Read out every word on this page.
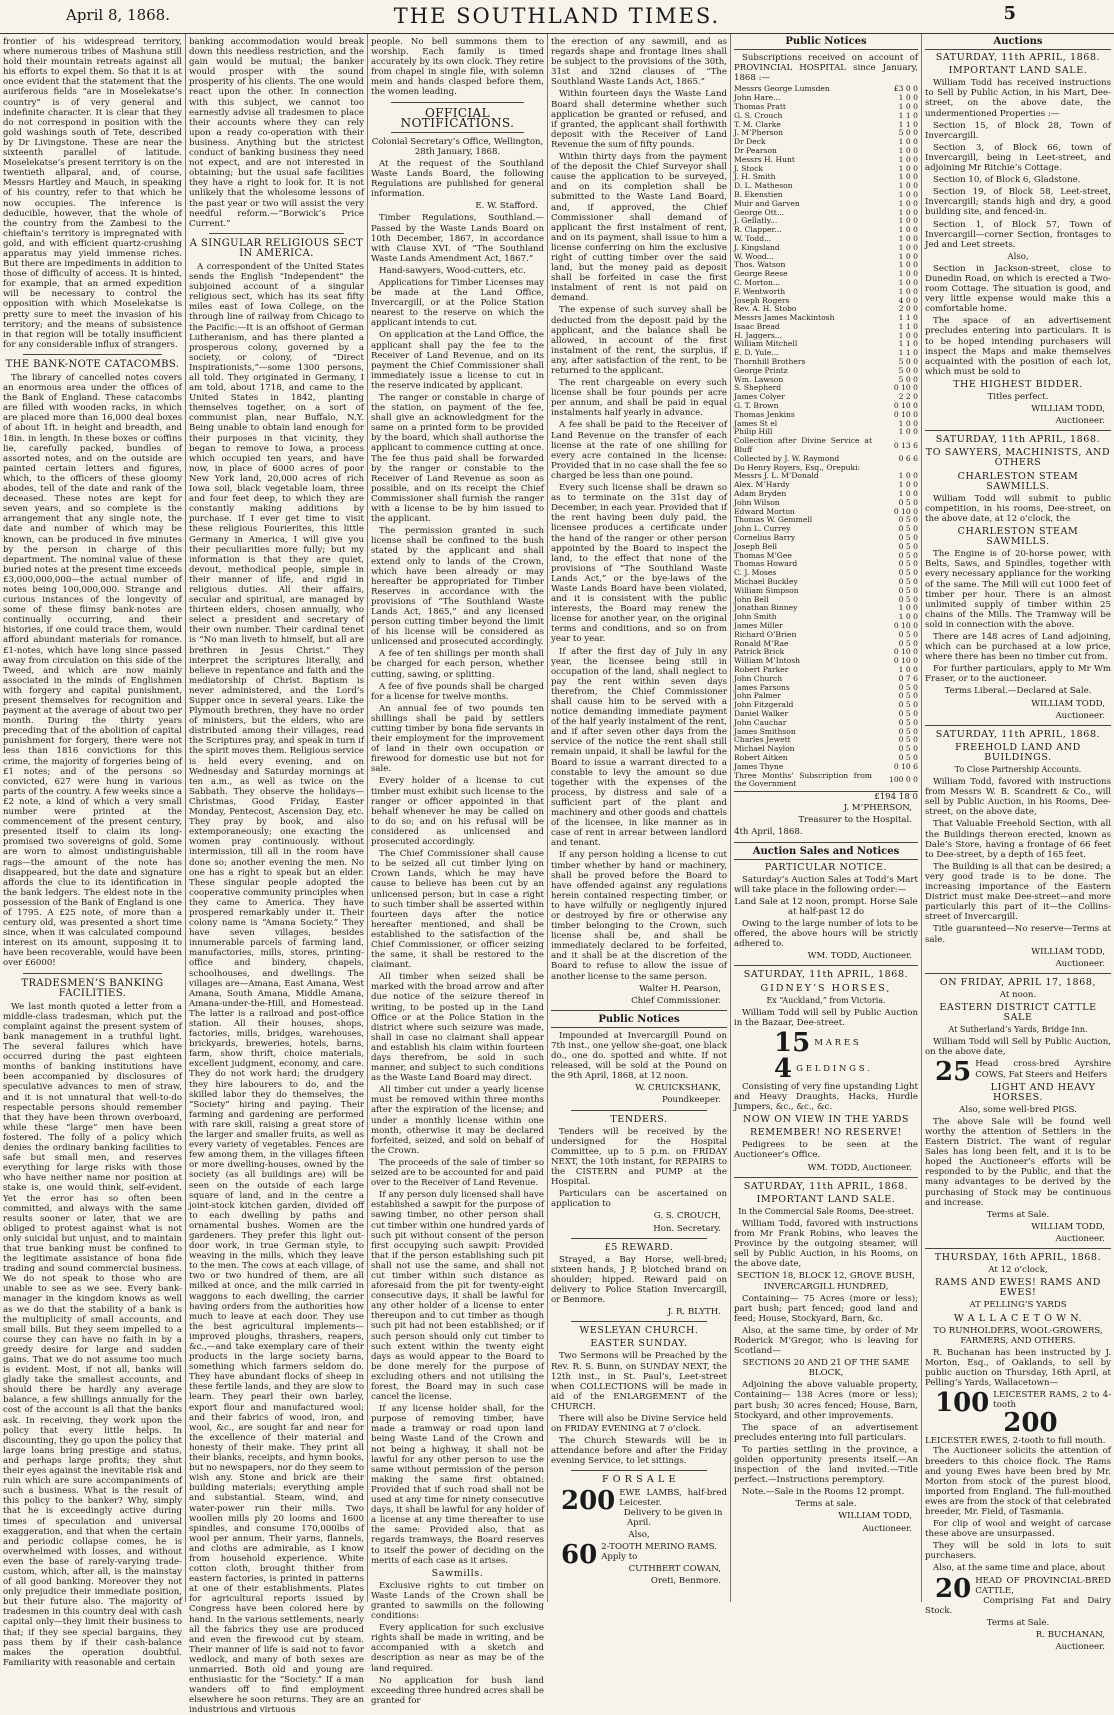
April 8, 1868.	THE SOUTHLAND TIMES.	5

frontier of his widespread territory, where numerous tribes of Mashuna still hold their mountain retreats against all his efforts to expel them. So that it is at once evident that the statement that the auriferous fields “are in Moselekatse’s country” is of very general and indefinite character. It is clear that they do not correspond in position with the gold washings south of Tete, described by Dr Livingstone. These are near the sixteenth parallel of latitude. Moselekatse’s present territory is on the twentieth allparal, and, of course, Messrs Hartley and Mauch, in speaking of his country, refer to that which he now occupies. The inference is deducible, however, that the whole of the country from the Zambesi to the chieftain’s territory is impregnated with gold, and with efficient quartz-crushing apparatus may yield immense riches. But there are impediments in addition to those of difficulty of access. It is hinted, for example, that an armed expedition will be necessary to control the opposition with which Moselekatse is pretty sure to meet the invasion of his territory; and the means of subsistence in that region will be totally insufficient for any considerable influx of strangers.

THE BANK-NOTE CATACOMBS.

The library of cancelled notes covers an enormous area under the offices of the Bank of England. These catacombs are filled with wooden racks, in which are placed more than 16,000 deal boxes of about 1ft. in height and breadth, and 18in. in length. In these boxes or coffins lie, carefully packed, bundles of assorted notes, and on the outside are painted certain letters and figures, which, to the officers of these gloomy abodes, tell of the date and rank of the deceased. These notes are kept for seven years, and so complete is the arrangement that any single note, the date and number of which may be known, can be produced in five minutes by the person in charge of this department. The nominal value of these buried notes at the present time exceeds £3,000,000,000—the actual number of notes being 100,000,000. Strange and curious instances of the longevity of some of these flimsy bank-notes are continually occurring, and their histories, if one could trace them, would afford abundant materials for romance. £1-notes, which have long since passed away from circulation on this side of the Tweed, and which are now mainly associated in the minds of Englishmen with forgery and capital punishment, present themselves for recognition and payment at the average of about two per month. During the thirty years preceding that of the abolition of capital punishment for forgery, there were not less than 1816 convictions for this crime, the majority of forgeries being of £1 notes; and of the persons so convicted, 627 were hung in various parts of the country. A few weeks since a £2 note, a kind of which a very small number were printed at the commencement of the present century, presented itself to claim its long-promised two sovereigns of gold. Some are worn to almost undistinguishable rags—the amount of the note has disappeared, but the date and signature affords the clue to its identification in the bank ledgers. The eldest note in the possession of the Bank of England is one of 1795. A £25 note, of more than a century old, was presented a short time since, when it was calculated compound interest on its amount, supposing it to have been recoverable, would have been over £6000!

TRADESMEN’S BANKING FACILITIES.

We last month quoted a letter from a middle-class tradesman, which put the complaint against the present system of bank management in a truthful light. The several failures which have occurred during the past eighteen months of banking institutions have been accompanied by disclosures of speculative advances to men of straw, and it is not unnatural that well-to-do respectable persons should remember that they have been thrown overboard, while these “large” men have been fostered. The folly of a policy which denies the ordinary banking facilities to safe but small men, and reserves everything for large risks with those who have neither name nor position at stake is, one would think, self-evident. Yet the error has so often been committed, and always with the same results sooner or later, that we are obliged to protest against what is not only suicidal but unjust, and to maintain that true banking must be confined to the legitimate assistance of bona fide trading and sound commercial business. We do not speak to those who are unable to see as we see. Every bank-manager in the kingdom knows as well as we do that the stability of a bank is the multiplicity of small accounts, and small bills. But they seem impelled to a course they can have no faith in by a greedy desire for large and sudden gains. That we do not assume too much is evident. Most, if not all, banks will gladly take the smallest accounts, and should there be hardly any average balance, a few shillings annually for the cost of the account is all that the banks ask. In receiving, they work upon the policy that every little helps. In discounting, they go upon the policy that large loans bring prestige and status, and perhaps large profits; they shut their eyes against the inevitable risk and ruin which are sure accompaniments of such a business. What is the result of this policy to the banker? Why, simply that he is exceedingly active during times of speculation and universal exaggeration, and that when the certain and periodic collapse comes, he is overwhelmed with losses, and without even the base of rarely-varying trade-custom, which, after all, is the mainstay of all good banking. Moreover they not only prejudice their immediate position, but their future also. The majority of tradesmen in this country deal with cash capital only—they limit their business to that; if they see special bargains, they pass them by if their cash-balance makes the operation doubtful. Familiarity with reasonable and certain

banking accommodation would break down this needless restriction, and the gain would be mutual; the banker would prosper with the sound prosperity of his clients. The one would react upon the other. In connection with this subject, we cannot too earnestly advise all tradesmen to place their accounts where they can rely upon a ready co-operation with their business. Anything but the strictest conduct of banking business they need not expect, and are not interested in obtaining; but the usual safe facilities they have a right to look for. It is not unlikely that the wholesome lessons of the past year or two will assist the very needful reform.—“Borwick’s Price Current.”

A SINGULAR RELIGIOUS SECT IN AMERICA.

A correspondent of the United States sends the English “Independent” the subjoined account of a singular religious sect, which has its seat fifty miles east of Iowa College, on the through line of railway from Chicago to the Pacific:—It is an offshoot of German Lutheranism, and has there planted a prosperous colony, governed by a society, or colony, of “Direct Inspirationists,”—some 1300 persons, all told. They originated in Germany, I am told, about 1718, and came to the United States in 1842, planting themselves together, on a sort of communist plan, near Buffalo, N.Y. Being unable to obtain land enough for their purposes in that vicinity, they began to remove to Iowa, a process which occupied ten years, and have now, in place of 6000 acres of poor New York land, 20,000 acres of rich Iowa soil, black vegetable loam, three and four feet deep, to which they are constantly making additions by purchase. If I ever get time to visit these religious Fourierites, this little Germany in America, I will give you their peculiarities more fully; but my information is that they are quiet, devout, methodical people, simple in their manner of life, and rigid in religious duties. All their affairs, secular and spiritual, are managed by thirteen elders, chosen annually, who select a president and secretary of their own number. Their cardinal tenet is “No man liveth to himself, but all are brethren in Jesus Christ.” They interpret the scriptures literally, and believe in repentance and faith and the mediatorship of Christ. Baptism is never administered, and the Lord’s Supper once in several years. Like the Plymouth brethren, they have no order of ministers, but the elders, who are distributed among their villages, read the Scriptures pray, and speak in turn if the spirit moves them. Religious service is held every evening, and on Wednesday and Saturday mornings at ten a.m., as well as twice on the Sabbath. They observe the holidays—Christmas, Good Friday, Easter Monday, Pentecost, Ascension Day, etc. They pray by book, and also extemporaneously; one exacting the women pray continuously. without intermission, till all in the room have done so; another evening the men. No one has a right to speak but an elder. These singular people adopted the cooperative community principles when they came to America. They have prospered remarkably under it. Their colony name is “Amana Society.” They have seven villages, besides innumerable parcels of farming land, manufactories, mills, stores, printing-office and bindery, chapels, schoolhouses, and dwellings. The villages are—Amana, East Amana, West Amana, South Amana, Middle Amana, Amana-under-the-Hill, and Homestead. The latter is a railroad and post-office station. All their houses, shops, factories, mills, bridges, warehouses, brickyards, breweries, hotels, barns, farm, show thrift, choice materials, excellent judgment, economy, and care. They do not work hard; the drudgery they hire labourers to do, and the skilled labor they do themselves, the “Society” hiring and paying. Their farming and gardening are performed with rare skill, raising a great store of the larger and smaller fruits, as well as every variety of vegetables. Fences are few among them, in the villages fifteen or more dwelling-houses, owned by the society (as all buildings are) will be seen on the outside of each large square of land, and in the centre a joint-stock kitchen garden, divided off to each dwelling by paths and ornamental bushes. Women are the gardeners. They prefer this light out-door work, in true German style, to weaving in the mills, which they leave to the men. The cows at each village, of two or two hundred of them, are all milked at once, and the milk carried in waggons to each dwelling, the carrier having orders from the authorities how much to leave at each door. They use the best agricultural implements—improved ploughs, thrashers, reapers, &c.,—and take exemplary care of their products in the large society barns, something which farmers seldom do. They have abundant flocks of sheep in these fertile lands, and they are slow to learn. They pearl their own barley, export flour and manufactured wool; and their fabrics of wood, iron, and wool, &c., are sought far and near for the excellence of their material and honesty of their make. They print all their blanks, receipts, and hymn books, but no newspapers, nor do they seem to wish any. Stone and brick are their building materials; everything ample and substantial. Steam, wind, and water-power run their mills. Two woollen mills ply 20 looms and 1600 spindles, and consume 170,000lbs of wool per annum. Their yarns, flannels, and cloths are admirable, as I know from household experience. White cotton cloth, brought thither from eastern factories, is printed in patterns at one of their establishments. Plates for agricultural reports issued by Congress have been colored here by hand. In the various settlements, nearly all the fabrics they use are produced and even the firewood cut by steam. Their manner of life is said not to favor wedlock, and many of both sexes are unmarried. Both old and young are enthusiastic for the “Society.” If a man wanders off to find employment elsewhere he soon returns. They are an industrious and virtuous

people. No bell summons them to worship. Each family is timed accurately by its own clock. They retire from chapel in single file, with solemn mein and hands clasped before them, the women leading.

OFFICIAL NOTIFICATIONS.

Colonial Secretary’s Office, Wellington, 28th January, 1868.

At the request of the Southland Waste Lands Board, the following Regulations are published for general information.

E. W. Stafford.

Timber Regulations, Southland.—Passed by the Waste Lands Board on 10th December, 1867, in accordance with Clause XVI. of “The Southland Waste Lands Amendment Act, 1867.”

Hand-sawyers, Wood-cutters, etc.

Applications for Timber Licenses may be made at the Land Office, Invercargill, or at the Police Station nearest to the reserve on which the applicant intends to cut.

On application at the Land Office, the applicant shall pay the fee to the Receiver of Land Revenue, and on its payment the Chief Commissioner shall immediately issue a license to cut in the reserve indicated by applicant.

The ranger or constable in charge of the station, on payment of the fee, shall give an acknowledgment for the same on a printed form to be provided by the board, which shall authorise the applicant to commence cutting at once. The fee thus paid shall be forwarded by the ranger or constable to the Receiver of Land Revenue as soon as possible, and on its receipt the Chief Commissioner shall furnish the ranger with a license to be by him issued to the applicant.

The permission granted in such license shall be confined to the bush stated by the applicant and shall extend only to lands of the Crown, which have been already or may hereafter be appropriated for Timber Reserves in accordance with the provisions of “The Southland Waste Lands Act, 1865,” and any licensed person cutting timber beyond the limit of his license will be considered as unlicensed and prosecuted accordingly.

A fee of ten shillings per month shall be charged for each person, whether cutting, sawing, or splitting.

A fee of five pounds shall be charged for a license for twelve months.

An annual fee of two pounds ten shillings shall be paid by settlers cutting timber by bona fide servants in their employment for the improvement of land in their own occupation or firewood for domestic use but not for sale.

Every holder of a license to cut timber must exhibit such license to the ranger or officer appointed in that behalf whenever he may be called on to do so; and on his refusal will be considered as unlicensed and prosecuted accordingly.

The Chief Commissioner shall cause to be seized all cut timber lying on Crown Lands, which he may have cause to believe has been cut by an unlicensed person; but in case a right to such timber shall be asserted within fourteen days after the notice hereafter mentioned, and shall be established to the satisfaction of the Chief Commissioner, or officer seizing the same, it shall be restored to the claimant.

All timber when seized shall be marked with the broad arrow and after due notice of the seizure thereof in writing, to be posted up in the Land Office or at the Police Station in the district where such seizure was made, shall in case no claimant shall appear and establish his claim within fourteen days therefrom, be sold in such manner, and subject to such conditions as the Waste Land Board may direct.

All timber cut under a yearly license must be removed within three months after the expiration of the license; and under a monthly license within one month, otherwise it may be declared forfeited, seized, and sold on behalf of the Crown.

The proceeds of the sale of timber so seized are to be accounted for and paid over to the Receiver of Land Revenue.

If any person duly licensed shall have established a sawpit for the purpose of sawing timber, no other person shall cut timber within one hundred yards of such pit without consent of the person first occupying such sawpit: Provided that if the person establishing such pit shall not use the same, and shall not cut timber within such distance as aforesaid from the pit for twenty-eight consecutive days, it shall be lawful for any other holder of a license to enter thereupon and to cut timber as though such pit had not been established; or if such person should only cut timber to such extent within the twenty eight days as would appear to the Board to be done merely for the purpose of excluding others and not utilising the forest, the Board may in such case cancel the license.

If any license holder shall, for the purpose of removing timber, have made a tramway or road upon land being Waste Land of the Crown and not being a highway, it shall not be lawful for any other person to use the same without permission of the person making the same first obtained: Provided that if such road shall not be used at any time for ninety consecutive days, it shall be lawful for any holder of a license at any time thereafter to use the same: Provided also, that as regards tramways, the Board reserves to itself the power of deciding on the merits of each case as it arises.

Sawmills.

Exclusive rights to cut timber on Waste Lands of the Crown shall be granted to sawmills on the following conditions:

Every application for such exclusive rights shall be made in writing, and be accompanied with a sketch and description as near as may be of the land required.

No application for bush land exceeding three hundred acres shall be granted for

the erection of any sawmill, and as regards shape and frontage lines shall be subject to the provisions of the 30th, 31st and 32nd clauses of “The Southland Waste Lands Act, 1865.”

Within fourteen days the Waste Land Board shall determine whether such application be granted or refused, and if granted, the applicant shall forthwith deposit with the Receiver of Land Revenue the sum of fifty pounds.

Within thirty days from the payment of the deposit the Chief Surveyor shall cause the application to be surveyed, and on its completion shall be submitted to the Waste Land Board, and, if approved, the Chief Commissioner shall demand of applicant the first instalment of rent, and on its payment, shall issue to him a license conferring on him the exclusive right of cutting timber over the said land, but the money paid as deposit shall be forfeited in case the first instalment of rent is not paid on demand.

The expense of such survey shall be deducted from the deposit paid by the applicant, and the balance shall be allowed, in account of the first instalment of the rent, the surplus, if any, after satisfaction of the rent, to be returned to the applicant.

The rent chargeable on every such license shall be four pounds per acre per annum, and shall be paid in equal instalments half yearly in advance.

A fee shall be paid to the Receiver of Land Revenue on the transfer of each license at the rate of one shilling for every acre contained in the license: Provided that in no case shall the fee so charged be less than one pound.

Every such license shall be drawn so as to terminate on the 31st day of December, in each year. Provided that if the rent having been duly paid, the licensee produces a certificate under the hand of the ranger or other person appointed by the Board to inspect the land, to the effect that none of the provisions of “The Southland Waste Lands Act,” or the bye-laws of the Waste Lands Board have been violated, and it is consistent with the public interests, the Board may renew the license for another year, on the original terms and conditions, and so on from year to year.

If after the first day of July in any year, the licensee being still in occupation of the land, shall neglect to pay the rent within seven days therefrom, the Chief Commissioner shall cause him to be served with a notice demanding immediate payment of the half yearly instalment of the rent, and if after seven other days from the service of the notice the rent shall still remain unpaid, it shall be lawful for the Board to issue a warrant directed to a constable to levy the amount so due together with the expenses of the process, by distress and sale of a sufficient part of the plant and machinery and other goods and chattels of the licensee, in like manner as in case of rent in arrear between landlord and tenant.

If any person holding a license to cut timber whether by hand or machinery, shall be proved before the Board to have offended against any regulations herein contained respecting timber, or to have wilfully or negligently injured or destroyed by fire or otherwise any timber belonging to the Crown, such license shall be, and shall be immediately declared to be forfeited, and it shall be at the discretion of the Board to refuse to allow the issue of another license to the same person.

Walter H. Pearson,
Chief Commissioner.
Public Notices

Impounded at Invercargill Pound on 7th inst., one yellow she-goat, one black do., one do. spotted and white. If not released, will be sold at the Pound on the 9th April, 1868, at 12 noon.

W. CRUICKSHANK,
Poundkeeper.
TENDERS.

Tenders will be received by the undersigned for the Hospital Committee, up to 5 p.m. on FRIDAY NEXT, the 10th instant, for REPAIRS to the CISTERN and PUMP at the Hospital.

Particulars can be ascertained on application to

G. S. CROUCH,
Hon. Secretary.
£5 REWARD.

Strayed, a Bay Horse, well-bred; sixteen hands, J P, blotched brand on shoulder; hipped. Reward paid on delivery to Police Station Invercargill, or Benmore.

J. R. BLYTH.
WESLEYAN CHURCH.
EASTER SUNDAY.

Two Sermons will be Preached by the Rev. R. S. Bunn, on SUNDAY NEXT, the 12th inst., in St. Paul’s, Leet-street when COLLECTIONS will be made in aid of the ENLARGEMENT of the CHURCH.

There will also be Divine Service held on FRIDAY EVENING at 7 o’clock.

The Church Stewards will be in attendance before and after the Friday evening Service, to let sittings.

F O R S A L E
200 EWE LAMBS, half-bred Leicester.

Delivery to be given in April.

Also,

60 2-TOOTH MERINO RAMS.

Apply to

CUTHBERT COWAN,
Oreti, Benmore.
Public Notices

Subscriptions received on account of PROVINCIAL HOSPITAL since January, 1868 :—

Messrs George Lumsden	£3 0 0
John Hare...	1 0 0
Thomas Pratt	1 0 0
G. S. Crouch	1 1 0
T. M. Clarke	1 1 0
J. M’Pherson	5 0 0
Dr Deck	1 0 0
Dr Pearson	1 0 0
Messrs H. Hunt	1 0 0
J. Stock	1 0 0
J. H. Smith	1 0 0
D. L. Matheson	1 0 0
B. Ekenstien	1 0 0
Muir and Garven	1 0 0
George Ott...	1 0 0
J. Gellatly...	1 0 0
R. Clapper...	1 0 0
W. Todd...	1 0 0
J. Kingsland	1 0 0
W. Wood...	1 0 0
Thos. Watson	1 0 0
George Reese	1 0 0
C. Morton...	1 0 0
F. Wentworth	1 0 0
Joseph Rogers	4 0 0
Rev. A. H. Stobo	2 0 0
Messrs James Mackintosh	1 1 0
Isaac Bread	1 1 0
H. Jaggers...	1 0 0
William Mitchell	1 1 0
E. D. Yule...	1 1 0
Thornhill Brothers	5 0 0
George Printz	5 0 0
Wm. Lawson	5 0 0
S. Shepherd	0 10 0
James Colyer	2 2 0
G. T. Brown	0 10 0
Thomas Jenkins	0 10 0
James St el	1 0 0
Philip Hill	1 0 0
Collection after Divine Service at Bluff	0 13 6
Collected by J. W. Raymond	0 6 6
Do Henry Royers, Esq., Orepuki:	
Messrs J. L. M’Donald	1 0 0
Alex. M’Hardy	1 0 0
Adam Bryden	1 0 0
John Wilson	0 5 0
Edward Morton	0 10 0
Thomas W. Gemmell	0 5 0
John L. Currey	0 5 0
Cornelius Barry	0 5 0
Joseph Bell	0 5 0
Thomas M’Gee	0 5 0
Thomas Howard	0 5 0
C. J. Moses	0 5 0
Michael Buckley	0 5 0
William Simpson	0 5 0
John Bell	0 5 0
Jonathan Binney	1 0 0
John Smith	1 0 0
James Miller	0 10 0
Richard O’Brien	0 5 0
Ronald M’Rae	0 5 0
Patrick Brick	0 10 0
William M’Intosh	0 10 0
Robert Parker	1 0 0
John Church	0 7 6
James Parsons	0 5 0
John Palmer	0 5 0
John Fitzgerald	0 5 0
Daniel Walker	0 5 0
John Cauchar	0 5 0
James Smithson	0 5 0
Charles Jewett	0 5 0
Michael Naylon	0 5 0
Robert Aitken	0 5 0
James Thyne	0 10 6
Three Months’ Subscription from the Government	100 0 0
£194 18 0
J. M’PHERSON,
Treasurer to the Hospital.

4th April, 1868.

Auction Sales and Notices
PARTICULAR NOTICE.

Saturday’s Auction Sales at Todd’s Mart will take place in the following order:—

Land Sale at 12 noon, prompt. Horse Sale at half-past 12 do

Owing to the large number of lots to be offered, the above hours will be strictly adhered to.

WM. TODD, Auctioneer.
SATURDAY, 11th APRIL, 1868.
GIDNEY’S HORSES,

Ex “Auckland,” from Victoria.

William Todd will sell by Public Auction in the Bazaar, Dee-street.

15 M A R E S
4 G E L D I N G S .

Consisting of very fine upstanding Light and Heavy Draughts, Hacks, Hurdle Jumpers, &c., &c., &c.

NOW ON VIEW IN THE YARDS
REMEMBER! NO RESERVE!

Pedigrees to be seen at the Auctioneer’s Office.

WM. TODD, Auctioneer.
SATURDAY, 11th APRIL, 1868.
IMPORTANT LAND SALE.

In the Commercial Sale Rooms, Dee-street.

William Todd, favored with instructions from Mr Frank Robins, who leaves the Province by the outgoing steamer, will sell by Public Auction, in his Rooms, on the above date,

SECTION 18, BLOCK 12, GROVE BUSH, INVERCARGILL HUNDRED,

Containing— 75 Acres (more or less); part bush; part fenced; good land and feed; House, Stockyard, Barn, &c.

Also, at the same time, by order of Mr Roderick M’Gregor, who is leaving for Scotland—

SECTIONS 20 AND 21 OF THE SAME BLOCK,

Adjoining the above valuable property, Containing— 138 Acres (more or less); part bush; 30 acres fenced; House, Barn, Stockyard, and other improvements.

The space of an advertisement precludes entering into full particulars.

To parties settling in the province, a golden opportunity presents itself.—An inspection of the land invited.—Title perfect.—Instructions peremptory.

Note.—Sale in the Rooms 12 prompt.

Terms at sale.

WILLIAM TODD,
Auctioneer.
Auctions
SATURDAY, 11th APRIL, 1868.
IMPORTANT LAND SALE.

William Todd has received instructions to Sell by Public Action, in his Mart, Dee-street, on the above date, the undermentioned Properties :—

Section 15, of Block 28, Town of Invercargill.

Section 3, of Block 66, town of Invercargill, being in Leet-street, and adjoining Mr Ritchie’s Cottage.

Section 10, of Block 6, Gladstone.

Section 19, of Block 58, Leet-street, Invercargill; stands high and dry, a good building site, and fenced-in.

Section 1, of Block 57, Town of Invercargill—corner Section, frontages to Jed and Leet streets.

Also,

Section in Jackson-street, close to Dunedin Road, on which is erected a Two-room Cottage. The situation is good, and very little expense would make this a comfortable home.

The space of an advertisement precludes entering into particulars. It is to be hoped intending purchasers will inspect the Maps and make themselves acquainted with the position of each lot, which must be sold to

THE HIGHEST BIDDER.

Titles perfect.

WILLIAM TODD,
Auctioneer.
SATURDAY, 11th APRIL, 1868.
TO SAWYERS, MACHINISTS, AND OTHERS
CHARLESTON STEAM SAWMILLS.

William Todd will submit to public competition, in his rooms, Dee-street, on the above date, at 12 o’clock, the

CHARLESTON STEAM SAWMILLS.

The Engine is of 20-horse power, with Belts, Saws, and Spindles, together with every necessary appliance for the working of the same. The Mill will cut 1000 feet of timber per hour. There is an almost unlimited supply of timber within 25 chains of the Mills. The Tramway will be sold in connection with the above.

There are 148 acres of Land adjoining, which can be purchased at a low price, where there has been no timber cut from.

For further particulars, apply to Mr Wm Fraser, or to the auctioneer.

Terms Liberal.—Declared at Sale.

WILLIAM TODD,
Auctioneer.
SATURDAY, 11th APRIL, 1868.
FREEHOLD LAND AND BUILDINGS.

To Close Partnership Accounts.

William Todd, favored with instructions from Messrs W. B. Scandrett & Co., will sell by Public Auction, in his Rooms, Dee-street, on the above date,

That Valuable Freehold Section, with all the Buildings thereon erected, known as Dale’s Store, having a frontage of 66 feet to Dee-street, by a depth of 165 feet.

The Building is all that can be desired; a very good trade is to be done. The increasing importance of the Eastern District must make Dee-street—and more particularly this part of it—the Collins-street of Invercargill.

Title guaranteed—No reserve—Terms at sale.

WILLIAM TODD,
Auctioneer.
ON FRIDAY, APRIL 17, 1868,

At noon.

EASTERN DISTRICT CATTLE SALE

At Sutherland’s Yards, Bridge Inn.

William Todd will Sell by Public Auction, on the above date,

25 Head cross-bred Ayrshire COWS, Fat Steers and Heifers
LIGHT AND HEAVY HORSES.

Also, some well-bred PIGS.

The above Sale will be found well worthy the attention of Settlers in the Eastern District. The want of regular Sales has long been felt, and it is to be hoped the Auctioneer’s efforts will be responded to by the Public, and that the many advantages to be derived by the purchasing of Stock may be continuous and increase.

Terms at Sale.

WILLIAM TODD,
Auctioneer.
THURSDAY, 16th APRIL, 1868.

At 12 o’clock,

RAMS AND EWES! RAMS AND EWES!

AT PELLING’S YARDS

W A L L A C E T O W N.

TO RUNHOLDERS, WOOL-GROWERS, FARMERS, AND OTHERS.

R. Buchanan has been instructed by J. Morton, Esq., of Oaklands, to sell by public auction on Thursday, 16th April, at Pelling’s Yards, Wallacetown—

100 LEICESTER RAMS, 2 to 4-tooth
200
LEICESTER EWES, 2-tooth to full mouth.

The Auctioneer solicits the attention of breeders to this choice flock. The Rams and young Ewes have been bred by Mr. Morton from stock of the purest blood, imported from England. The full-mouthed ewes are from the stock of that celebrated breeder, Mr. Field, of Tasmania.

For clip of wool and weight of carcase these above are unsurpassed.

They will be sold in lots to suit purchasers.

Also, at the same time and place, about

20 HEAD OF PROVINCIAL-BRED CATTLE,

Comprising Fat and Dairy Stock.

Terms at Sale.

R. BUCHANAN,
Auctioneer.
